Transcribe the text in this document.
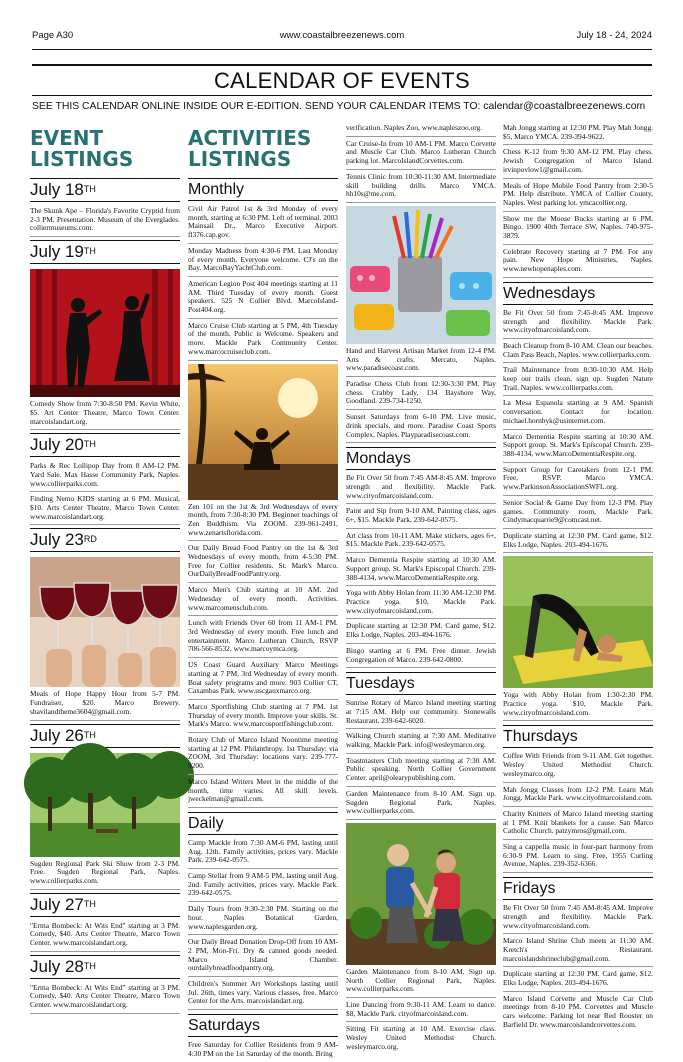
Page A30	www.coastalbreezenews.com	July 18 - 24, 2024
CALENDAR OF EVENTS
SEE THIS CALENDAR ONLINE INSIDE OUR E-EDITION. SEND YOUR CALENDAR ITEMS TO: calendar@coastalbreezenews.com
EVENT LISTINGS
July 18TH
The Skunk Ape – Florida's Favorite Cryptid from 2-3 PM. Presentation. Museum of the Everglades. colliermuseums.com.
July 19TH
Comedy Show from 7:30-8:50 PM. Kevin White, $5. Art Center Theatre, Marco Town Center. marcoislandart.org.
July 20TH
Parks & Rec Lollipop Day from 8 AM-12 PM. Yard Sale. Max Hasse Community Park, Naples. www.collierparks.com.
Finding Nemo KIDS starting at 6 PM. Musical, $10. Arts Center Theatre, Marco Town Center. www.marcoislandart.org.
July 23RD
Meals of Hope Happy Hour from 5-7 PM. Fundraiser, $20. Marco Brewery. shavilandtheme3604@gmail.com.
July 26TH
Sugden Regional Park Ski Show from 2-3 PM. Free. Sugden Regional Park, Naples. www.collierparks.com.
July 27TH
"Erma Bombeck: At Wits End" starting at 3 PM. Comedy, $40. Arts Center Theatre, Marco Town Center. www.marcoislandart.org.
July 28TH
"Erma Bombeck: At Wits End" starting at 3 PM. Comedy, $40. Arts Center Theatre, Marco Town Center. www.marcoislandart.org.
ACTIVITIES LISTINGS
Monthly
Civil Air Patrol 1st & 3rd Monday of every month, starting at 6:30 PM. Left of terminal. 2003 Mainsail Dr., Marco Executive Airport. fl376.cap.gov.
Monday Madness from 4:30-6 PM. Last Monday of every month. Everyone welcome. CJ's on the Bay. MarcoBayYachtClub.com.
American Legion Post 404 meetings starting at 11 AM. Third Tuesday of every month. Guest speakers. 525 N Collier Blvd. MarcoIsland-Post404.org.
Marco Cruise Club starting at 5 PM, 4th Tuesday of the month. Public is Welcome. Speakers and more. Mackle Park Community Center. www.marcocruiseclub.com.
Zen 101 on the 1st & 3rd Wednesdays of every month, from 7:30-8:30 PM. Beginner teachings of Zen Buddhism. Via ZOOM. 239-961-2491, www.zenartsflorida.com.
Our Daily Bread Food Pantry on the 1st & 3rd Wednesdays of every month, from 4-5:30 PM. Free for Collier residents. St. Mark's Marco. OurDailyBreadFoodPantry.org.
Marco Men's Club starting at 10 AM. 2nd Wednesday of every month. Activities. www.marcomensclub.com.
Lunch with Friends Over 60 from 11 AM-1 PM. 3rd Wednesday of every month. Free lunch and entertainment. Marco Lutheran Church, RSVP 706-566-8532. www.marcoymca.org.
US Coast Guard Auxiliary Marco Meetings starting at 7 PM, 3rd Wednesday of every month. Boat safety programs and more. 903 Collier CT, Caxambas Park. www.uscgauxmarco.org.
Marco Sportfishing Club starting at 7 PM. 1st Thursday of every month. Improve your skills. St. Mark's Marco. www.marcosportfishingclub.com.
Rotary Club of Marco Island Noontime meeting starting at 12 PM. Philanthropy. 1st Thursday: via ZOOM. 3rd Thursday: locations vary. 239-777-9200.
Marco Island Writers Meet in the middle of the month, time varies. All skill levels. jweckelman@gmail.com.
Daily
Camp Mackle from 7:30 AM-6 PM, lasting until Aug. 12th. Family activities, prices vary. Mackle Park. 239-642-0575.
Camp Stellar from 9 AM-5 PM, lasting until Aug. 2nd. Family activities, prices vary. Mackle Park. 239-642-0575.
Daily Tours from 9:30-2:30 PM. Starting on the hour. Naples Botanical Garden, www.naplesgarden.org.
Our Daily Bread Donation Drop-Off from 10 AM-2 PM, Mon-Fri. Dry & canned goods needed. Marco Island Chamber. ourdailybreadfoodpantry.org.
Children's Summer Art Workshops lasting until Jul. 26th, times vary. Various classes, free. Marco Center for the Arts. marcoislandart.org.
Saturdays
Free Saturday for Collier Residents from 9 AM-4:30 PM on the 1st Saturday of the month. Bring
verification. Naples Zoo, www.napleszoo.org.
Car Cruise-In from 10 AM-1 PM. Marco Corvette and Muscle Car Club. Marco Lutheran Church parking lot. MarcoIslandCorvettes.com.
Tennis Clinic from 10:30-11:30 AM. Intermediate skill building drills. Marco YMCA. hh10s@me.com.
Hand and Harvest Artisan Market from 12-4 PM. Arts & crafts. Mercato, Naples. www.paradisecoast.com.
Paradise Chess Club from 12:30-3:30 PM. Play chess. Crabby Lady, 134 Bayshore Way, Goodland. 239-734-1250.
Sunset Saturdays from 6-10 PM. Live music, drink specials, and more. Paradise Coast Sports Complex, Naples. Playparadisecoast.com.
Mondays
Be Fit Over 50 from 7:45 AM-8:45 AM. Improve strength and flexibility. Mackle Park. www.cityofmarcoisland.com.
Paint and Sip from 9-10 AM. Painting class, ages 6+, $15. Mackle Park. 239-642-0575.
Art class from 10-11 AM. Make stickers, ages 6+, $15. Mackle Park. 239-642-0575.
Marco Dementia Respite starting at 10:30 AM. Support group. St. Mark's Episcopal Church. 239-388-4134, www.MarcoDementiaRespite.org.
Yoga with Abby Holan from 11:30 AM-12:30 PM. Practice yoga. $10, Mackle Park. www.cityofmarcoisland.com.
Duplicate starting at 12:30 PM. Card game, $12. Elks Lodge, Naples. 203-494-1676.
Bingo starting at 6 PM. Free dinner. Jewish Congregation of Marco. 239-642-0800.
Tuesdays
Sunrise Rotary of Marco Island meeting starting at 7:15 AM. Help our community. Stonewalls Restaurant. 239-642-6020.
Walking Church starting at 7:30 AM. Meditative walking. Mackle Park. info@wesleymarco.org.
Toastmasters Club meeting starting at 7:30 AM. Public speaking. North Collier Government Center. april@olearypublishing.com.
Garden Maintenance from 8-10 AM. Sign up. Sugden Regional Park, Naples. www.collierparks.com.
Garden Maintenance from 8-10 AM. Sign up. North Collier Regional Park, Naples. www.collierparks.com.
Line Dancing from 9:30-11 AM. Learn to dance. $8, Mackle Park. cityofmarcoisland.com.
Sitting Fit starting at 10 AM. Exercise class. Wesley United Methodist Church. wesleymarco.org.
Mah Jongg starting at 12:30 PM. Play Mah Jongg. $5, Marco YMCA. 239-394-9622.
Chess K-12 from 9:30 AM-12 PM. Play chess. Jewish Congregation of Marco Island. irvinpovlow1@gmail.com.
Meals of Hope Mobile Food Pantry from 2:30-5 PM. Help distribute. YMCA of Collier County, Naples. West parking lot. ymcacollier.org.
Show me the Moose Bucks starting at 6 PM. Bingo. 1900 40th Terrace SW, Naples. 740-975-3879.
Celebrate Recovery starting at 7 PM. For any pain. New Hope Ministries, Naples. www.newhopenaples.com.
Wednesdays
Be Fit Over 50 from 7:45-8:45 AM. Improve strength and flexibility. Mackle Park. www.cityofmarcoisland.com.
Beach Cleanup from 8-10 AM. Clean our beaches. Clam Pass Beach, Naples. www.collierparks.com.
Trail Maintenance from 8:30-10:30 AM. Help keep our trails clean, sign up. Sugden Nature Trail, Naples. www.collierparks.com.
La Mesa Espanola starting at 9 AM. Spanish conversation. Contact for location. michael.hornbyk@usinternet.com.
Marco Dementia Respite starting at 10:30 AM. Support group. St. Mark's Episcopal Church. 239-388-4134, www.MarcoDementiaRespite.org.
Support Group for Caretakers from 12-1 PM. Free, RSVP. Marco YMCA. www.ParkinsonAssociationSWFL.org.
Senior Social & Game Day from 12-3 PM. Play games. Community room, Mackle Park. Cindymacquarrie9@comcast.net.
Duplicate starting at 12:30 PM. Card game, $12. Elks Lodge, Naples. 203-494-1676.
Yoga with Abby Holan from 1:30-2:30 PM. Practice yoga. $10, Mackle Park. www.cityofmarcoisland.com.
Thursdays
Coffee With Friends from 9-11 AM. Get together. Wesley United Methodist Church. wesleymarco.org.
Mah Jongg Classes from 12-2 PM. Learn Mah Jongg. Mackle Park. www.cityofmarcoisland.com.
Charity Knitters of Marco Island meeting starting at 1 PM. Knit blankets for a cause. San Marco Catholic Church. patzymros@gmail.com.
Sing a cappella music in four-part harmony from 6:30-9 PM. Learn to sing. Free, 1955 Curling Avenue, Naples. 239-352-6366.
Fridays
Be Fit Over 50 from 7:45 AM-8:45 AM. Improve strength and flexibility. Mackle Park. www.cityofmarcoisland.com.
Marco Island Shrine Club meets at 11:30 AM. Kretch's Restaurant. marcoislandshrineclub@gmail.com.
Duplicate starting at 12:30 PM. Card game, $12. Elks Lodge, Naples. 203-494-1676.
Marco Island Corvette and Muscle Car Club meetings from 8-10 PM. Corvettes and Muscle cars welcome. Parking lot near Red Rooster on Barfield Dr. www.marcoislandcorvettes.com.
